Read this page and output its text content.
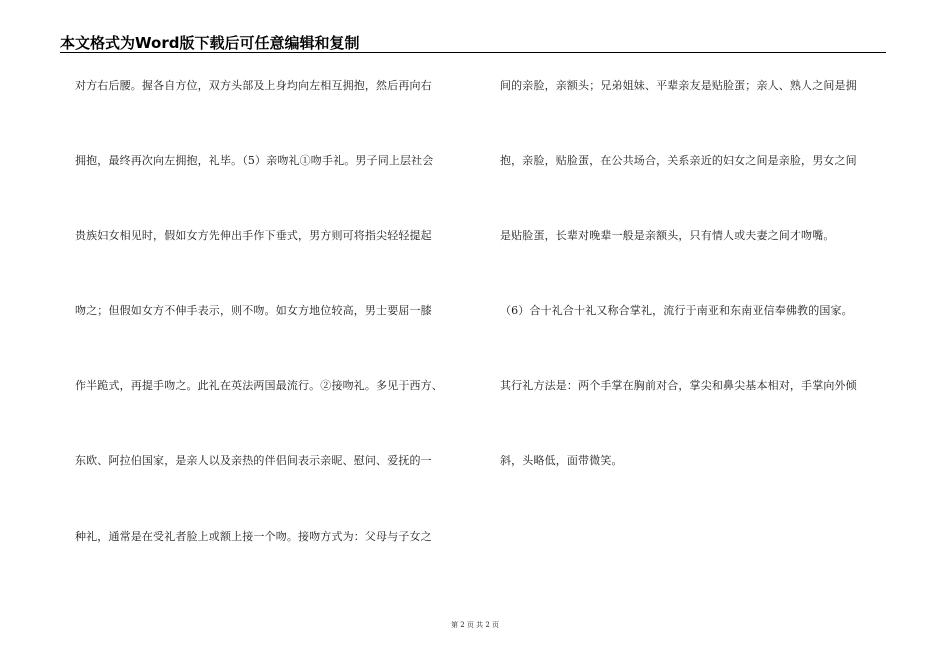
本文格式为Word版下载后可任意编辑和复制
对方右后腰。握各自方位，双方头部及上身均向左相互拥抱，然后再向右
拥抱，最终再次向左拥抱，礼毕。（5）亲吻礼①吻手礼。男子同上层社会
贵族妇女相见时，假如女方先伸出手作下垂式，男方则可将指尖轻轻提起
吻之；但假如女方不伸手表示，则不吻。如女方地位较高，男士要屈一膝
作半跪式，再提手吻之。此礼在英法两国最流行。②接吻礼。多见于西方、
东欧、阿拉伯国家，是亲人以及亲热的伴侣间表示亲昵、慰问、爱抚的一
种礼，通常是在受礼者脸上或额上接一个吻。接吻方式为：父母与子女之
间的亲脸，亲额头；兄弟姐妹、平辈亲友是贴脸蛋；亲人、熟人之间是拥
抱，亲脸，贴脸蛋，在公共场合，关系亲近的妇女之间是亲脸，男女之间
是贴脸蛋，长辈对晚辈一般是亲额头，只有情人或夫妻之间才吻嘴。
（6）合十礼合十礼又称合掌礼，流行于南亚和东南亚信奉佛教的国家。
其行礼方法是：两个手掌在胸前对合，掌尖和鼻尖基本相对，手掌向外倾
斜，头略低，面带微笑。
第 2 页 共 2 页
